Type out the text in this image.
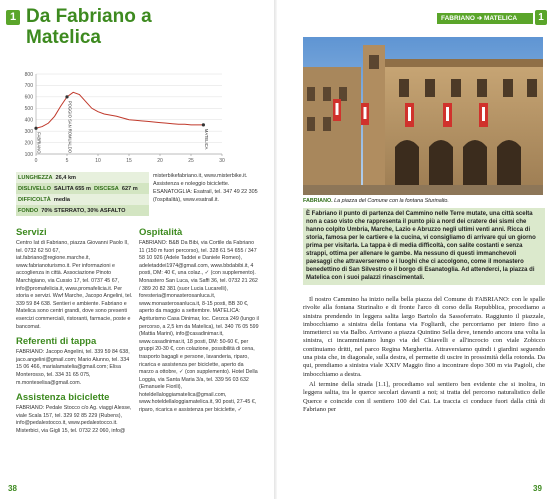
1 Da Fabriano a Matelica
800
700
600
500
400
300
200
100
0	5	10	15	20	25	30
FABRIANO	POGGIO SAN ROMUALDO	MATELICA
LUNGHEZZA 26,4 km
DISLIVELLO SALITA 655 m DISCESA 627 m
DIFFICOLTÀ media
FONDO 70% STERRATO, 30% ASFALTO
misterbikefabriano.it, www.misterbike.it. Assistenza e noleggio biciclette. ESANATOGLIA: Esatrail, tel. 347 49 22 305 (l'ospitalità), www.esatrail.it.
Servizi

Centro Iat di Fabriano, piazza Giovanni Paolo II, tel. 0732 62 50 67, iat.fabriano@regione.marche.it, www.fabrianoturismo.it. Per informazioni e accoglienza in città. Associazione Pinoto Marchigiano, via Cussio 17, tel. 0737 45 67, info@promafelicia.it, www.promafelicia.it. Per storia e servizi. Wwf Marche, Jacopo Angelini, tel. 339 59 84 638. Sentieri e ambiente. Fabriano e Matelica sono centri grandi, dove sono presenti esercizi commerciali, ristoranti, farmacie, poste e bancomat.

Referenti di tappa

FABRIANO: Jacopo Angelini, tel. 339 59 84 638, jaco.angelini@gmail.com; Mario Alunno, tel. 334 15 06 466, marialamatelia@gmail.com; Elisa Monterosso, tel. 334 31 65 075, m.monteselisa@gmail.com.

Assistenza biciclette

FABRIANO: Pedale Stocco c/o Ag. viaggi Alesse, viale Scala 157, tel. 329 92 85 229 (Rubens), info@pedalestocco.it, www.pedalestocco.it. Misterbici, via Gigli 15, tel. 0732 22 060, info@

Ospitalità

FABRIANO: B&B Da Bibi, via Cortile da Fabriano 11 (150 m fuori percorso), tel. 328 61 54 655 / 347 58 10 926 (Adele Taddei e Daniele Romeo), adeletaddei1974@gmail.com, www.bbdabibi.it, 4 posti, DM: 40 €, una colaz., ✓ (con supplemento). Monastero San Luca, via Saffi 36, tel. 0732 21 262 / 389 20 82 381 (suor Lucia Lucarelli), foresteria@monasterosanluca.it, www.monasterosanluca.it, 8-15 posti, BB 30 €, aperto da maggio a settembre. MATELICA: Agriturismo Casa Dinimar, loc. Cerzca 249 (lungo il percorso, a 2,5 km da Matelica), tel. 340 76 05 599 (Mattia Marini), info@casadinimar.it, www.casadinimar.it, 18 posti, DM: 50-60 €, per gruppi 20-30 €, con colazione, possibilità di cena, trasporto bagagli e persone, lavanderia, riparo, ricarica e assistenza per biciclette, aperto da marzo a ottobre, ✓ (con supplemento). Hotel Della Loggia, via Santa Maria 3/a, tel. 339 56 03 632 (Emanuele Fiorili), hoteldellaloggiamatelica@gmail.com, www.hoteldellaloggiamatelica.it, 90 posti, 27-45 €, riparo, ricarica e assistenza per biciclette, ✓

38
FABRIANO ➔ MATELICA	1
FABRIANO. La piazza del Comune con la fontana Sturinalto.
È Fabriano il punto di partenza del Cammino nelle Terre mutate, una città scelta non a caso visto che rappresenta il punto più a nord dei cratere dei sismi che hanno colpito Umbria, Marche, Lazio e Abruzzo negli ultimi venti anni. Ricca di storia, famosa per le cartiere e la cucina, vi consigliamo di arrivare qui un giorno prima per visitarla. La tappa è di media difficoltà, con salite costanti e senza strappi, ottima per allenare le gambe. Ma nessuno di questi immanchevoli paesaggi che attraverseremo e i luoghi che ci accolgono, come il monastero benedettino di San Silvestro o il borgo di Esanatoglia. Ad attenderci, la piazza di Matelica con i suoi palazzi rinascimentali.

Il nostro Cammino ha inizio nella bella piazza del Comune di FABRIANO: con le spalle rivolte alla fontana Sturinalto e di fronte l'arco di corso della Repubblica, procediamo a sinistra prendendo in leggera salita largo Bartolo da Sassoferrato. Raggiunto il piazzale, imbocchiamo a sinistra della fontana via Fogliardi, che percorriamo per intero fino a immetterci su via Balbo. Arrivano a piazza Quintino Sella deve, tenendo ancora una volta la sinistra, ci incamminiamo lungo via del Chiavelli e all'incrocio con viale Zobicco continuiamo dritti, nel parco Regina Margherita. Attraversiamo quindi i giardini seguendo una pista che, in diagonale, sulla destra, el permette di uscire in prossimità della rotonda. Da qui, prendiamo a sinistra viale XXIV Maggio fino a incontrare dopo 300 m via Pagioli, che imbocchiamo a destra.

Al termine della strada [1.1], procediamo sul sentiero ben evidente che si inoltra, in leggera salita, tra le querce secolari davanti a noi; si tratta del percorso naturalistico delle Querce e coincide con il sentiero 100 del Cai. La traccia ci conduce fuori dalla città di Fabriano per

39
